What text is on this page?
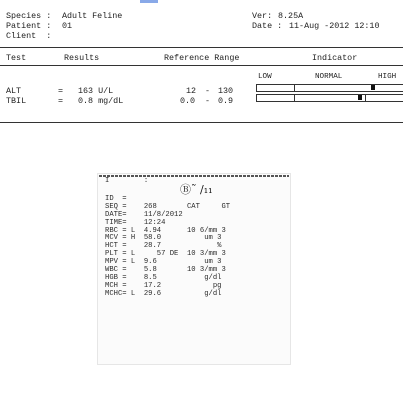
Species : Adult Feline
Patient : 01
Client  :
Ver: 8.25A
Date : 11-Aug -2012 12:10
Test	Results	Reference Range	Indicator
LOW	NORMAL	HIGH
ALT	= 163 U/L	12 - 130
TBIL	= 0.8 mg/dL	0.0 - 0.9
Ⓑ˜ /₁₁
I        :
ID  =
SEQ =    268       CAT     GT
DATE=    11/8/2012
TIME=    12:24
RBC = L  4.94      10 6/mm 3
MCV = H  58.0          um 3
HCT =    28.7             %
PLT = L     57 DE  10 3/mm 3
MPV = L  9.6           um 3
WBC =    5.8       10 3/mm 3
HGB =    8.5           g/dl
MCH =    17.2            pg
MCHC= L  29.6          g/dl
